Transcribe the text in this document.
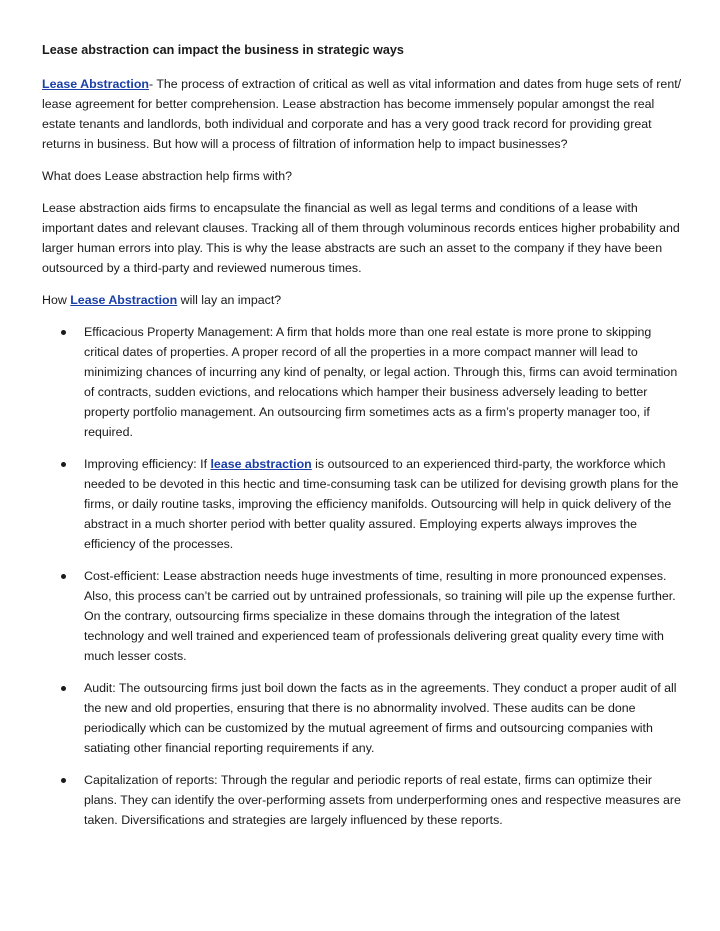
Lease abstraction can impact the business in strategic ways

Lease Abstraction- The process of extraction of critical as well as vital information and dates from huge sets of rent/ lease agreement for better comprehension. Lease abstraction has become immensely popular amongst the real estate tenants and landlords, both individual and corporate and has a very good track record for providing great returns in business. But how will a process of filtration of information help to impact businesses?

What does Lease abstraction help firms with?

Lease abstraction aids firms to encapsulate the financial as well as legal terms and conditions of a lease with important dates and relevant clauses. Tracking all of them through voluminous records entices higher probability and larger human errors into play. This is why the lease abstracts are such an asset to the company if they have been outsourced by a third-party and reviewed numerous times.

How Lease Abstraction will lay an impact?

Efficacious Property Management: A firm that holds more than one real estate is more prone to skipping critical dates of properties. A proper record of all the properties in a more compact manner will lead to minimizing chances of incurring any kind of penalty, or legal action. Through this, firms can avoid termination of contracts, sudden evictions, and relocations which hamper their business adversely leading to better property portfolio management. An outsourcing firm sometimes acts as a firm’s property manager too, if required.
Improving efficiency: If lease abstraction is outsourced to an experienced third-party, the workforce which needed to be devoted in this hectic and time-consuming task can be utilized for devising growth plans for the firms, or daily routine tasks, improving the efficiency manifolds. Outsourcing will help in quick delivery of the abstract in a much shorter period with better quality assured. Employing experts always improves the efficiency of the processes.
Cost-efficient: Lease abstraction needs huge investments of time, resulting in more pronounced expenses. Also, this process can’t be carried out by untrained professionals, so training will pile up the expense further. On the contrary, outsourcing firms specialize in these domains through the integration of the latest technology and well trained and experienced team of professionals delivering great quality every time with much lesser costs.
Audit: The outsourcing firms just boil down the facts as in the agreements. They conduct a proper audit of all the new and old properties, ensuring that there is no abnormality involved. These audits can be done periodically which can be customized by the mutual agreement of firms and outsourcing companies with satiating other financial reporting requirements if any.
Capitalization of reports: Through the regular and periodic reports of real estate, firms can optimize their plans. They can identify the over-performing assets from underperforming ones and respective measures are taken. Diversifications and strategies are largely influenced by these reports.
